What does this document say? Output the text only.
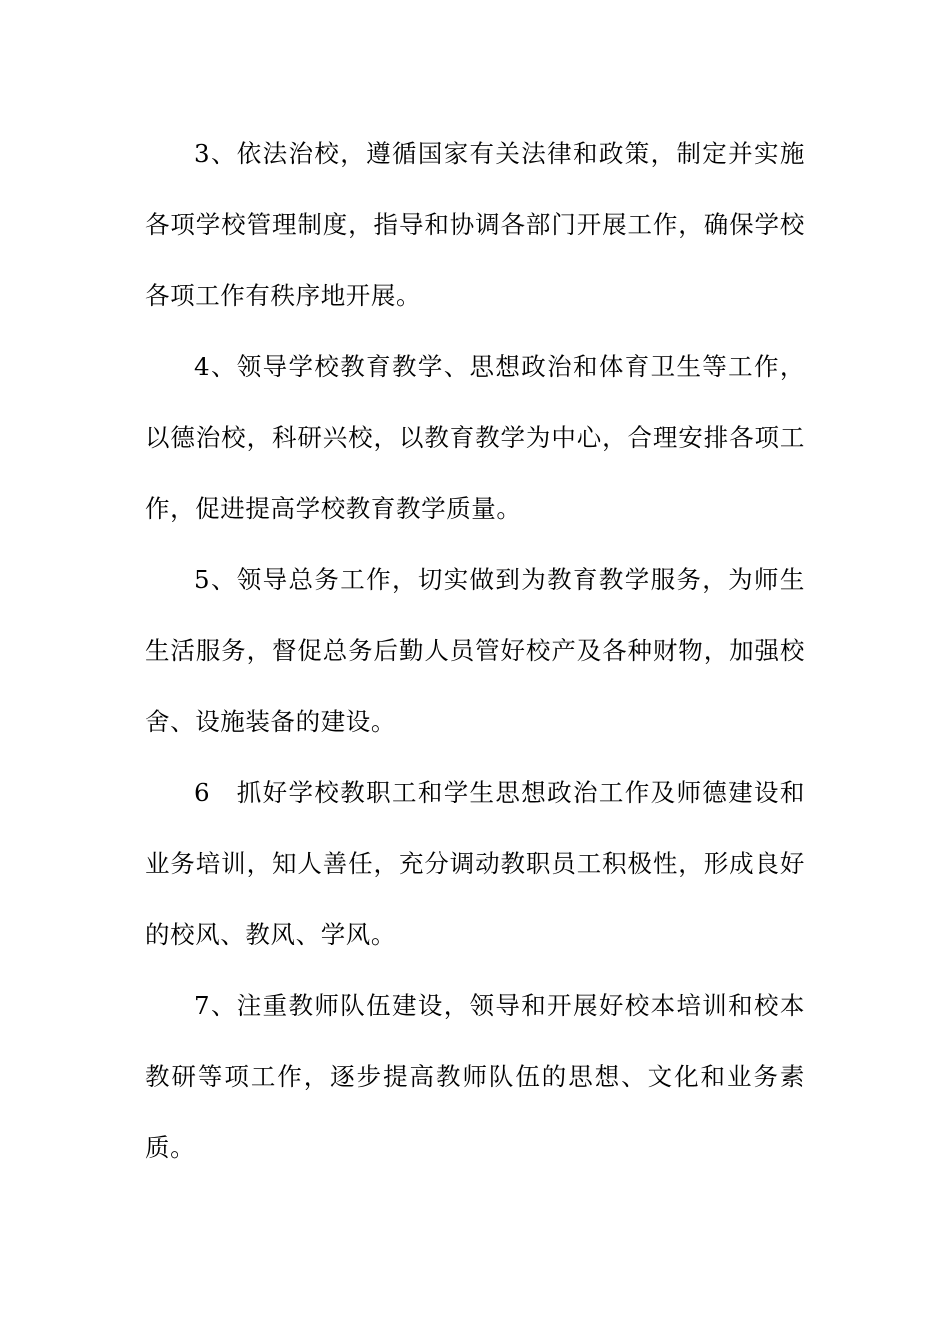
3、依法治校，遵循国家有关法律和政策，制定并实施各项学校管理制度，指导和协调各部门开展工作，确保学校各项工作有秩序地开展。

4、领导学校教育教学、思想政治和体育卫生等工作，以德治校，科研兴校，以教育教学为中心，合理安排各项工作，促进提高学校教育教学质量。

5、领导总务工作，切实做到为教育教学服务，为师生生活服务，督促总务后勤人员管好校产及各种财物，加强校舍、设施装备的建设。

6　抓好学校教职工和学生思想政治工作及师德建设和业务培训，知人善任，充分调动教职员工积极性，形成良好的校风、教风、学风。

7、注重教师队伍建设，领导和开展好校本培训和校本教研等项工作，逐步提高教师队伍的思想、文化和业务素质。
